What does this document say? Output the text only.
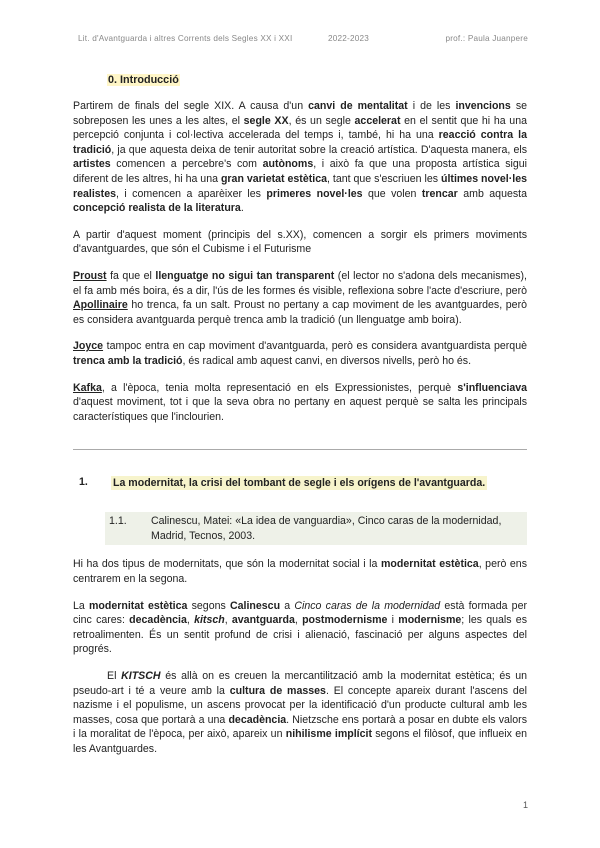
Lit. d'Avantguarda i altres Corrents dels Segles XX i XXI	2022-2023	prof.: Paula Juanpere
0. Introducció

Partirem de finals del segle XIX. A causa d'un canvi de mentalitat i de les invencions se sobreposen les unes a les altes, el segle XX, és un segle accelerat en el sentit que hi ha una percepció conjunta i col·lectiva accelerada del temps i, també, hi ha una reacció contra la tradició, ja que aquesta deixa de tenir autoritat sobre la creació artística. D'aquesta manera, els artistes comencen a percebre's com autònoms, i això fa que una proposta artística sigui diferent de les altres, hi ha una gran varietat estètica, tant que s'escriuen les últimes novel·les realistes, i comencen a aparèixer les primeres novel·les que volen trencar amb aquesta concepció realista de la literatura.

A partir d'aquest moment (principis del s.XX), comencen a sorgir els primers moviments d'avantguardes, que són el Cubisme i el Futurisme

Proust fa que el llenguatge no sigui tan transparent (el lector no s'adona dels mecanismes), el fa amb més boira, és a dir, l'ús de les formes és visible, reflexiona sobre l'acte d'escriure, però Apollinaire ho trenca, fa un salt. Proust no pertany a cap moviment de les avantguardes, però es considera avantguarda perquè trenca amb la tradició (un llenguatge amb boira).

Joyce tampoc entra en cap moviment d'avantguarda, però es considera avantguardista perquè trenca amb la tradició, és radical amb aquest canvi, en diversos nivells, però ho és.

Kafka, a l'època, tenia molta representació en els Expressionistes, perquè s'influenciava d'aquest moviment, tot i que la seva obra no pertany en aquest perquè se salta les principals característiques que l'inclourien.

1.	La modernitat, la crisi del tombant de segle i els orígens de l'avantguarda.
1.1.	Calinescu, Matei: «La idea de vanguardia», Cinco caras de la modernidad, Madrid, Tecnos, 2003.

Hi ha dos tipus de modernitats, que són la modernitat social i la modernitat estètica, però ens centrarem en la segona.

La modernitat estètica segons Calinescu a Cinco caras de la modernidad està formada per cinc cares: decadència, kitsch, avantguarda, postmodernisme i modernisme; les quals es retroalimenten. És un sentit profund de crisi i alienació, fascinació per alguns aspectes del progrés.

El KITSCH és allà on es creuen la mercantilització amb la modernitat estètica; és un pseudo-art i té a veure amb la cultura de masses. El concepte apareix durant l'ascens del nazisme i el populisme, un ascens provocat per la identificació d'un producte cultural amb les masses, cosa que portarà a una decadència. Nietzsche ens portarà a posar en dubte els valors i la moralitat de l'època, per això, apareix un nihilisme implícit segons el filòsof, que influeix en les Avantguardes.

1
